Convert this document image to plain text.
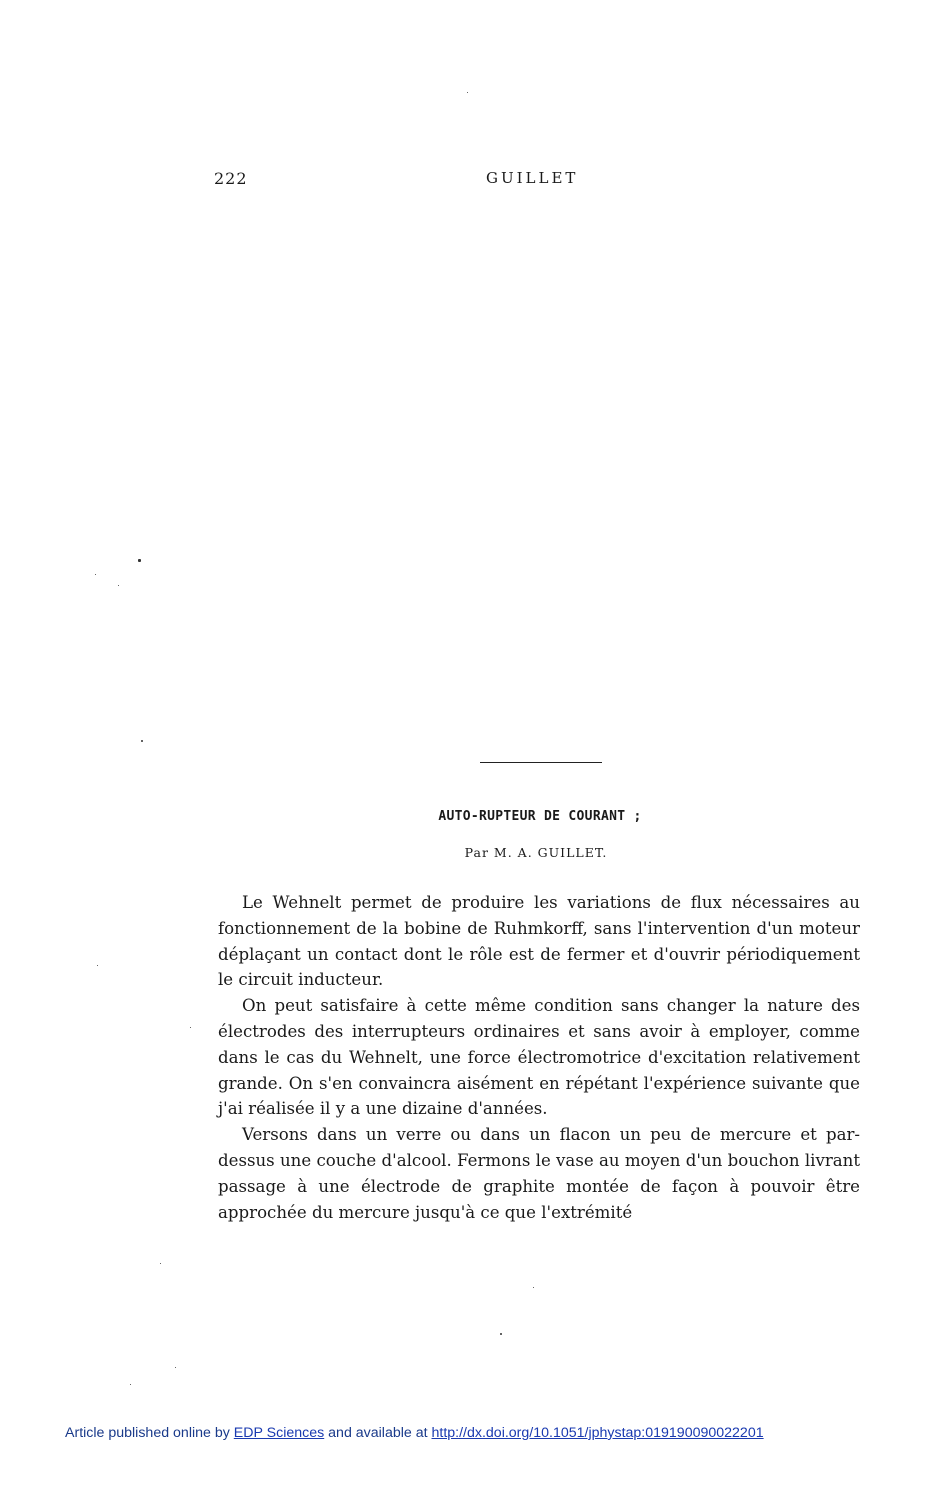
222	GUILLET
AUTO-RUPTEUR DE COURANT ;
Par M. A. GUILLET.

Le Wehnelt permet de produire les variations de flux nécessaires au fonctionnement de la bobine de Ruhmkorff, sans l'intervention d'un moteur déplaçant un contact dont le rôle est de fermer et d'ouvrir périodiquement le circuit inducteur.

On peut satisfaire à cette même condition sans changer la nature des électrodes des interrupteurs ordinaires et sans avoir à employer, comme dans le cas du Wehnelt, une force électromotrice d'excitation relativement grande. On s'en convaincra aisément en répétant l'expérience suivante que j'ai réalisée il y a une dizaine d'années.

Versons dans un verre ou dans un flacon un peu de mercure et par-dessus une couche d'alcool. Fermons le vase au moyen d'un bouchon livrant passage à une électrode de graphite montée de façon à pouvoir être approchée du mercure jusqu'à ce que l'extrémité

Article published online by EDP Sciences and available at http://dx.doi.org/10.1051/jphystap:019190090022201
